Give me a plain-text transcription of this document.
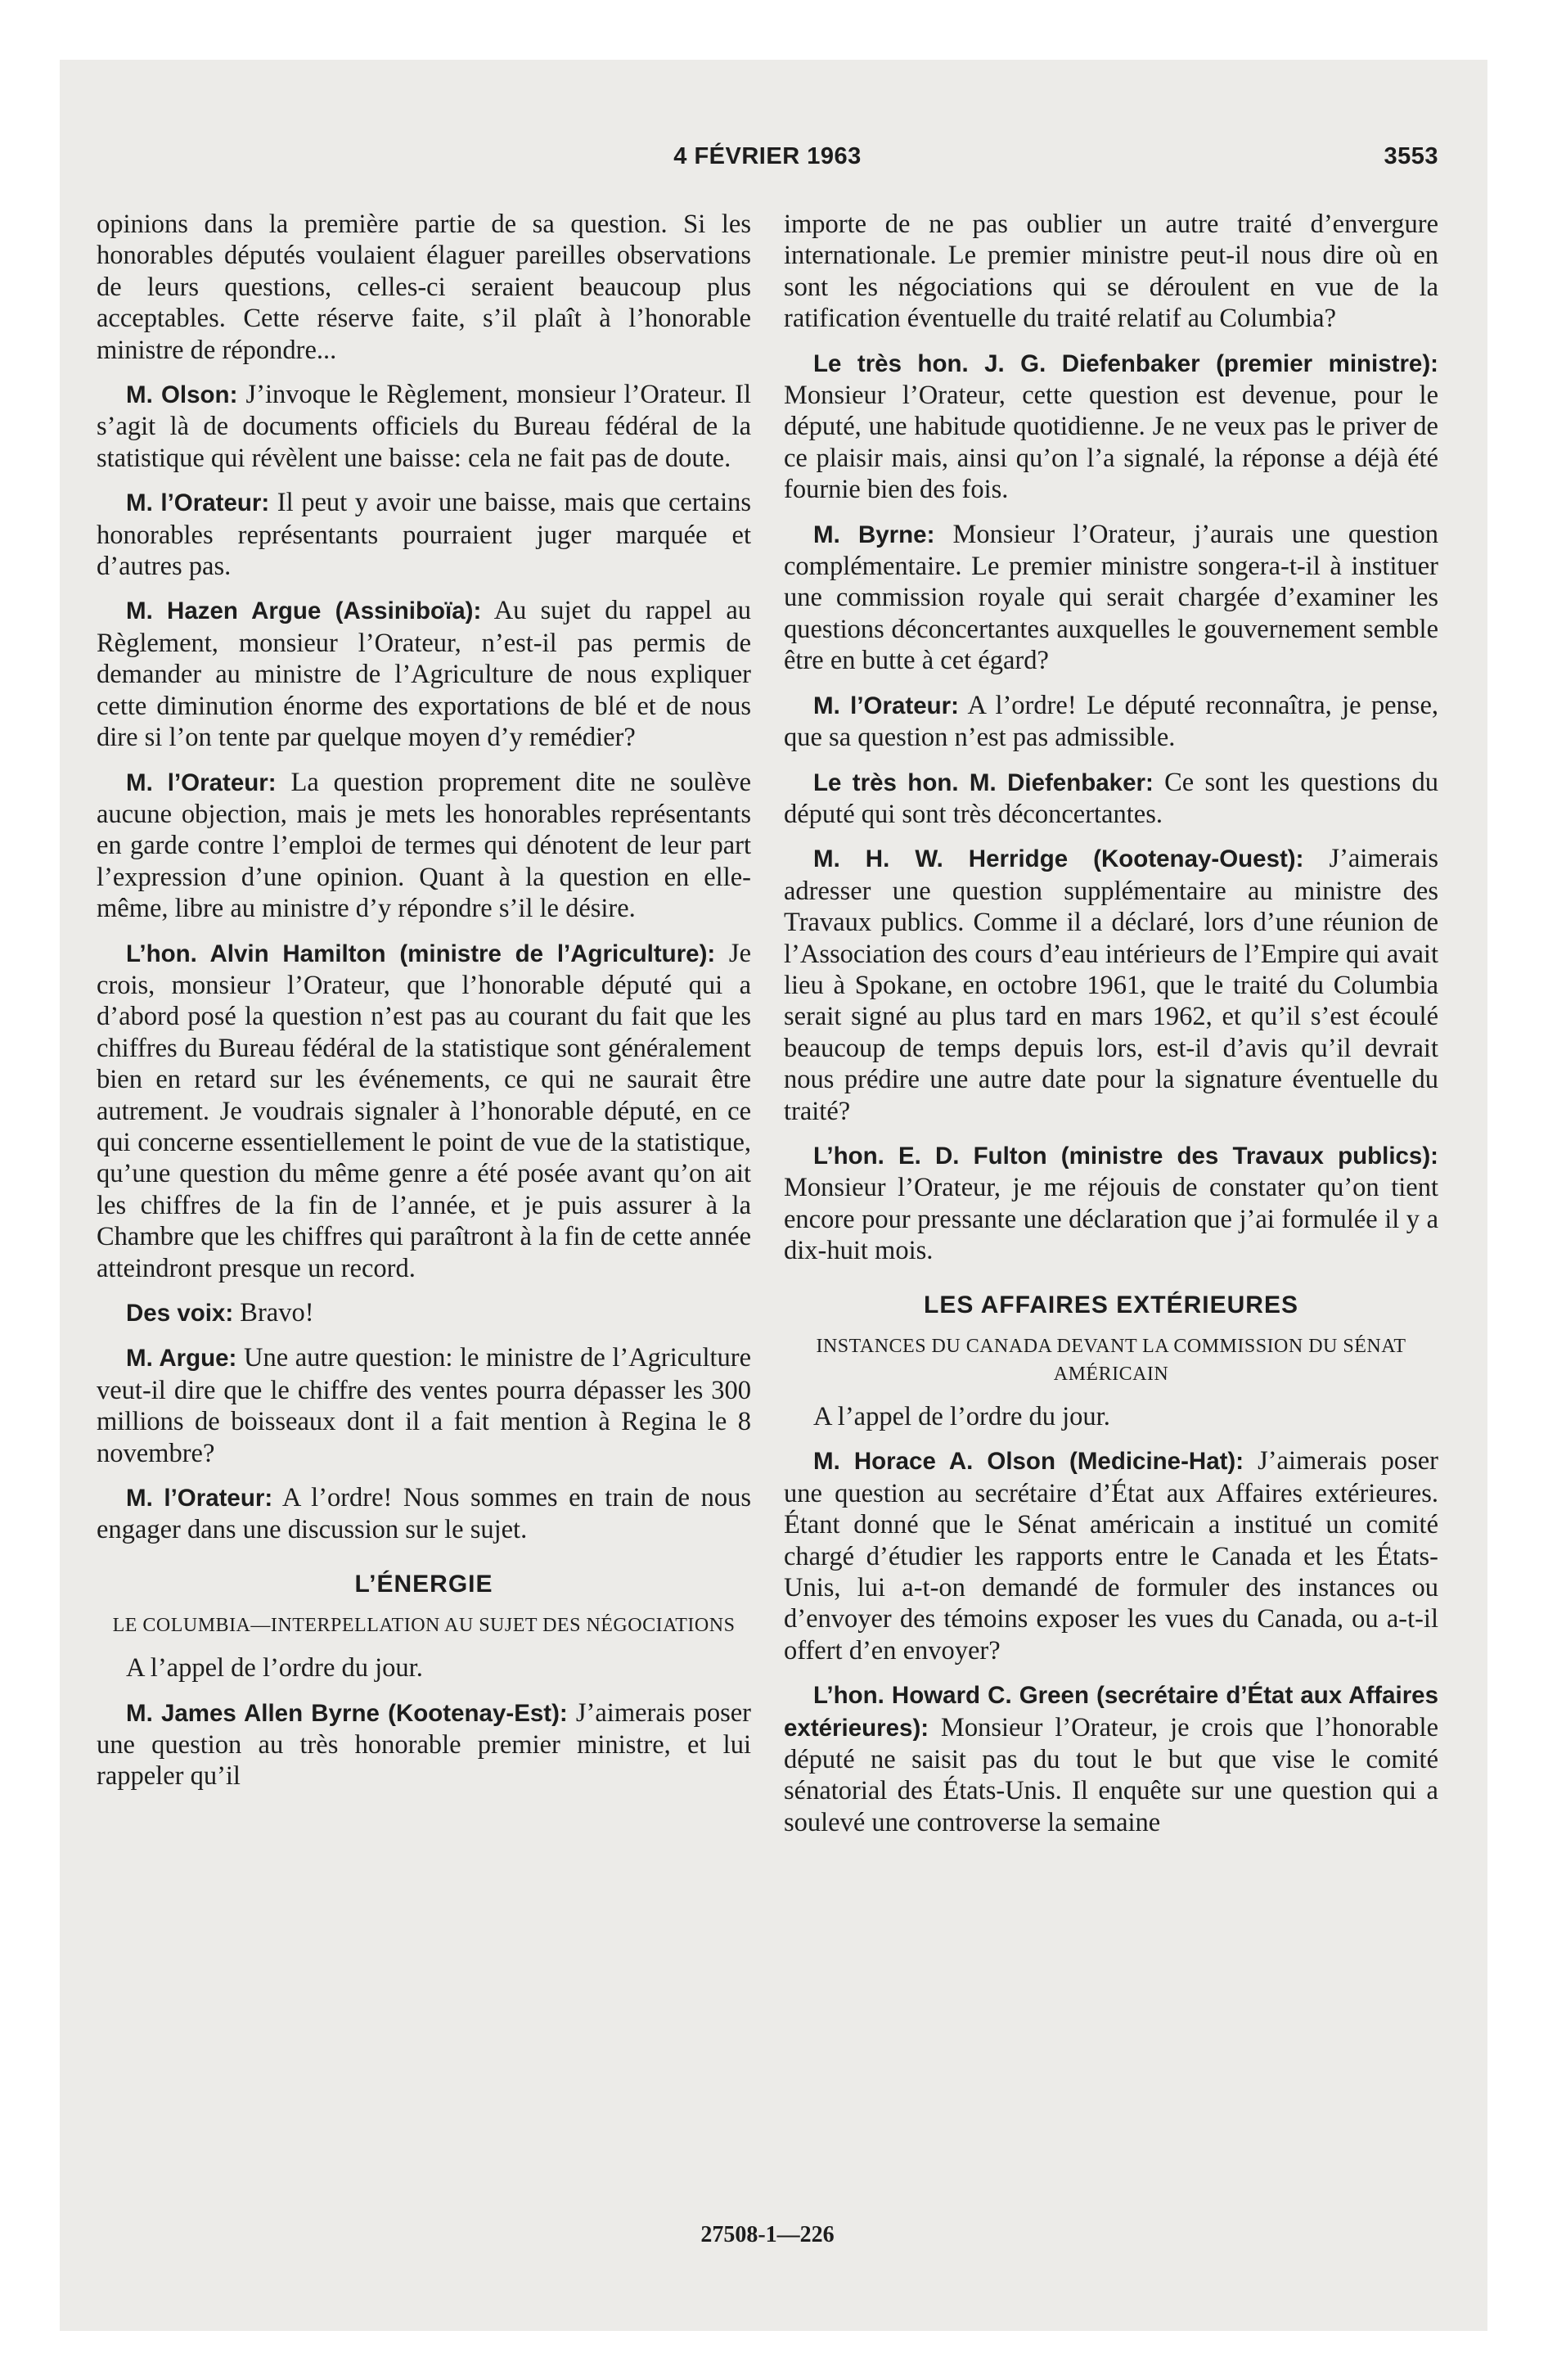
4 FÉVRIER 1963	3553

opinions dans la première partie de sa question. Si les honorables députés voulaient élaguer pareilles observations de leurs questions, celles-ci seraient beaucoup plus acceptables. Cette réserve faite, s’il plaît à l’honorable ministre de répondre...

M. Olson: J’invoque le Règlement, monsieur l’Orateur. Il s’agit là de documents officiels du Bureau fédéral de la statistique qui révèlent une baisse: cela ne fait pas de doute.

M. l’Orateur: Il peut y avoir une baisse, mais que certains honorables représentants pourraient juger marquée et d’autres pas.

M. Hazen Argue (Assiniboïa): Au sujet du rappel au Règlement, monsieur l’Orateur, n’est-il pas permis de demander au ministre de l’Agriculture de nous expliquer cette diminution énorme des exportations de blé et de nous dire si l’on tente par quelque moyen d’y remédier?

M. l’Orateur: La question proprement dite ne soulève aucune objection, mais je mets les honorables représentants en garde contre l’emploi de termes qui dénotent de leur part l’expression d’une opinion. Quant à la question en elle-même, libre au ministre d’y répondre s’il le désire.

L’hon. Alvin Hamilton (ministre de l’Agriculture): Je crois, monsieur l’Orateur, que l’honorable député qui a d’abord posé la question n’est pas au courant du fait que les chiffres du Bureau fédéral de la statistique sont généralement bien en retard sur les événements, ce qui ne saurait être autrement. Je voudrais signaler à l’honorable député, en ce qui concerne essentiellement le point de vue de la statistique, qu’une question du même genre a été posée avant qu’on ait les chiffres de la fin de l’année, et je puis assurer à la Chambre que les chiffres qui paraîtront à la fin de cette année atteindront presque un record.

Des voix: Bravo!

M. Argue: Une autre question: le ministre de l’Agriculture veut-il dire que le chiffre des ventes pourra dépasser les 300 millions de boisseaux dont il a fait mention à Regina le 8 novembre?

M. l’Orateur: A l’ordre! Nous sommes en train de nous engager dans une discussion sur le sujet.

L’ÉNERGIE
LE COLUMBIA—INTERPELLATION AU SUJET DES NÉGOCIATIONS

A l’appel de l’ordre du jour.

M. James Allen Byrne (Kootenay-Est): J’aimerais poser une question au très honorable premier ministre, et lui rappeler qu’il

importe de ne pas oublier un autre traité d’envergure internationale. Le premier ministre peut-il nous dire où en sont les négociations qui se déroulent en vue de la ratification éventuelle du traité relatif au Columbia?

Le très hon. J. G. Diefenbaker (premier ministre): Monsieur l’Orateur, cette question est devenue, pour le député, une habitude quotidienne. Je ne veux pas le priver de ce plaisir mais, ainsi qu’on l’a signalé, la réponse a déjà été fournie bien des fois.

M. Byrne: Monsieur l’Orateur, j’aurais une question complémentaire. Le premier ministre songera-t-il à instituer une commission royale qui serait chargée d’examiner les questions déconcertantes auxquelles le gouvernement semble être en butte à cet égard?

M. l’Orateur: A l’ordre! Le député reconnaîtra, je pense, que sa question n’est pas admissible.

Le très hon. M. Diefenbaker: Ce sont les questions du député qui sont très déconcertantes.

M. H. W. Herridge (Kootenay-Ouest): J’aimerais adresser une question supplémentaire au ministre des Travaux publics. Comme il a déclaré, lors d’une réunion de l’Association des cours d’eau intérieurs de l’Empire qui avait lieu à Spokane, en octobre 1961, que le traité du Columbia serait signé au plus tard en mars 1962, et qu’il s’est écoulé beaucoup de temps depuis lors, est-il d’avis qu’il devrait nous prédire une autre date pour la signature éventuelle du traité?

L’hon. E. D. Fulton (ministre des Travaux publics): Monsieur l’Orateur, je me réjouis de constater qu’on tient encore pour pressante une déclaration que j’ai formulée il y a dix-huit mois.

LES AFFAIRES EXTÉRIEURES
INSTANCES DU CANADA DEVANT LA COMMISSION DU SÉNAT AMÉRICAIN

A l’appel de l’ordre du jour.

M. Horace A. Olson (Medicine-Hat): J’aimerais poser une question au secrétaire d’État aux Affaires extérieures. Étant donné que le Sénat américain a institué un comité chargé d’étudier les rapports entre le Canada et les États-Unis, lui a-t-on demandé de formuler des instances ou d’envoyer des témoins exposer les vues du Canada, ou a-t-il offert d’en envoyer?

L’hon. Howard C. Green (secrétaire d’État aux Affaires extérieures): Monsieur l’Orateur, je crois que l’honorable député ne saisit pas du tout le but que vise le comité sénatorial des États-Unis. Il enquête sur une question qui a soulevé une controverse la semaine

27508-1—226
